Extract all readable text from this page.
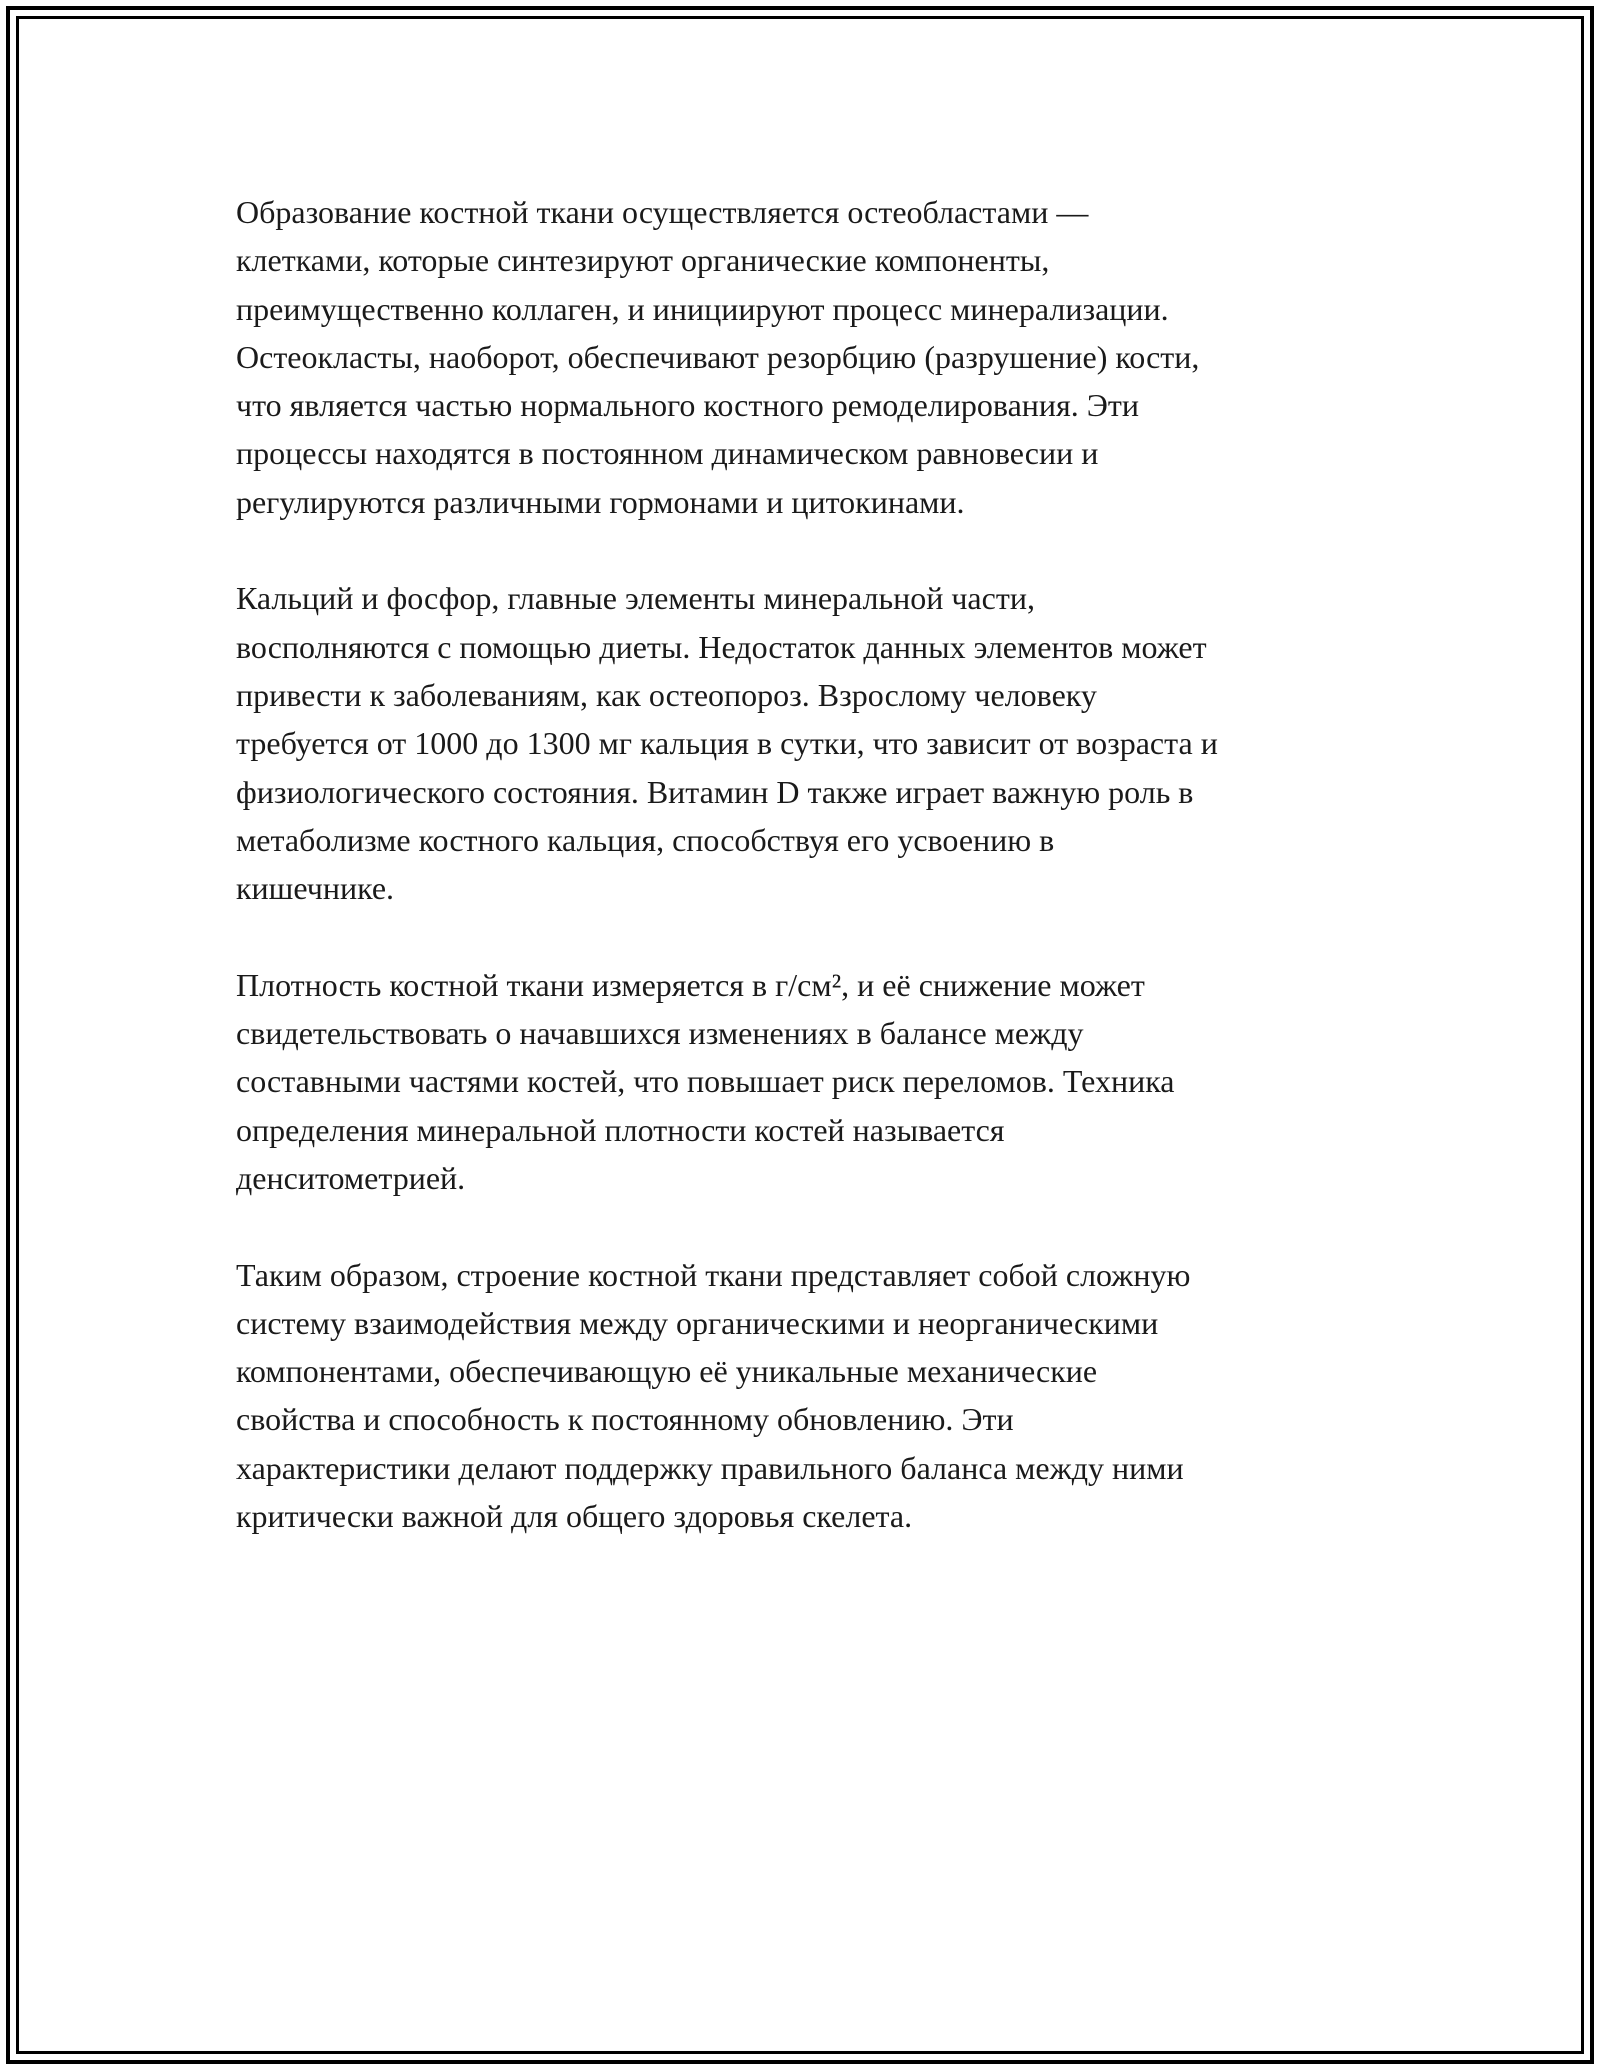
Образование костной ткани осуществляется остеобластами —
клетками, которые синтезируют органические компоненты,
преимущественно коллаген, и инициируют процесс минерализации.
Остеокласты, наоборот, обеспечивают резорбцию (разрушение) кости,
что является частью нормального костного ремоделирования. Эти
процессы находятся в постоянном динамическом равновесии и
регулируются различными гормонами и цитокинами.

Кальций и фосфор, главные элементы минеральной части,
восполняются с помощью диеты. Недостаток данных элементов может
привести к заболеваниям, как остеопороз. Взрослому человеку
требуется от 1000 до 1300 мг кальция в сутки, что зависит от возраста и
физиологического состояния. Витамин D также играет важную роль в
метаболизме костного кальция, способствуя его усвоению в
кишечнике.

Плотность костной ткани измеряется в г/см², и её снижение может
свидетельствовать о начавшихся изменениях в балансе между
составными частями костей, что повышает риск переломов. Техника
определения минеральной плотности костей называется
денситометрией.

Таким образом, строение костной ткани представляет собой сложную
систему взаимодействия между органическими и неорганическими
компонентами, обеспечивающую её уникальные механические
свойства и способность к постоянному обновлению. Эти
характеристики делают поддержку правильного баланса между ними
критически важной для общего здоровья скелета.
